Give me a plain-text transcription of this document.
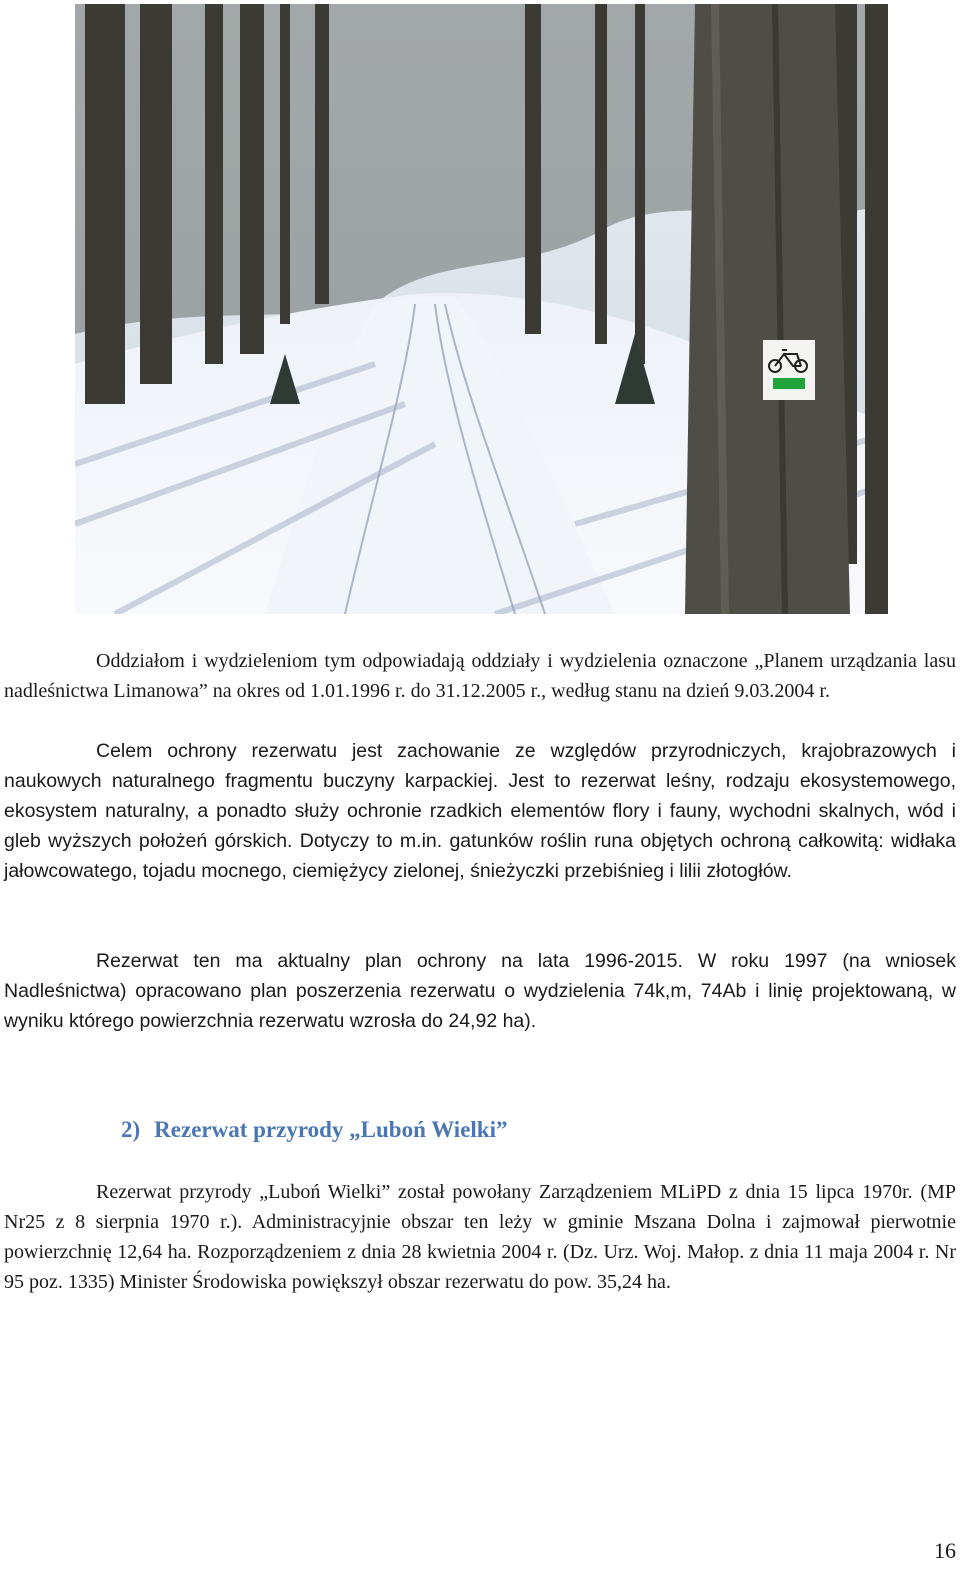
Oddziałom i wydzieleniom tym odpowiadają oddziały i wydzielenia oznaczone „Planem urządzania lasu nadleśnictwa Limanowa” na okres od 1.01.1996 r. do 31.12.2005 r., według stanu na dzień 9.03.2004 r.

Celem ochrony rezerwatu jest zachowanie ze względów przyrodniczych, krajobrazowych i naukowych naturalnego fragmentu buczyny karpackiej. Jest to rezerwat leśny, rodzaju ekosystemowego, ekosystem naturalny, a ponadto służy ochronie rzadkich elementów flory i fauny, wychodni skalnych, wód i gleb wyższych położeń górskich. Dotyczy to m.in. gatunków roślin runa objętych ochroną całkowitą: widłaka jałowcowatego, tojadu mocnego, ciemiężycy zielonej, śnieżyczki przebiśnieg i lilii złotogłów.

Rezerwat ten ma aktualny plan ochrony na lata 1996-2015. W roku 1997 (na wniosek Nadleśnictwa) opracowano plan poszerzenia rezerwatu o wydzielenia 74k,m, 74Ab i linię projektowaną, w wyniku którego powierzchnia rezerwatu wzrosła do 24,92 ha).

2) Rezerwat przyrody „Luboń Wielki”

Rezerwat przyrody „Luboń Wielki” został powołany Zarządzeniem MLiPD z dnia 15 lipca 1970r. (MP Nr25 z 8 sierpnia 1970 r.). Administracyjnie obszar ten leży w gminie Mszana Dolna i zajmował pierwotnie powierzchnię 12,64 ha. Rozporządzeniem z dnia 28 kwietnia 2004 r. (Dz. Urz. Woj. Małop. z dnia 11 maja 2004 r. Nr 95 poz. 1335) Minister Środowiska powiększył obszar rezerwatu do pow. 35,24 ha.

16
